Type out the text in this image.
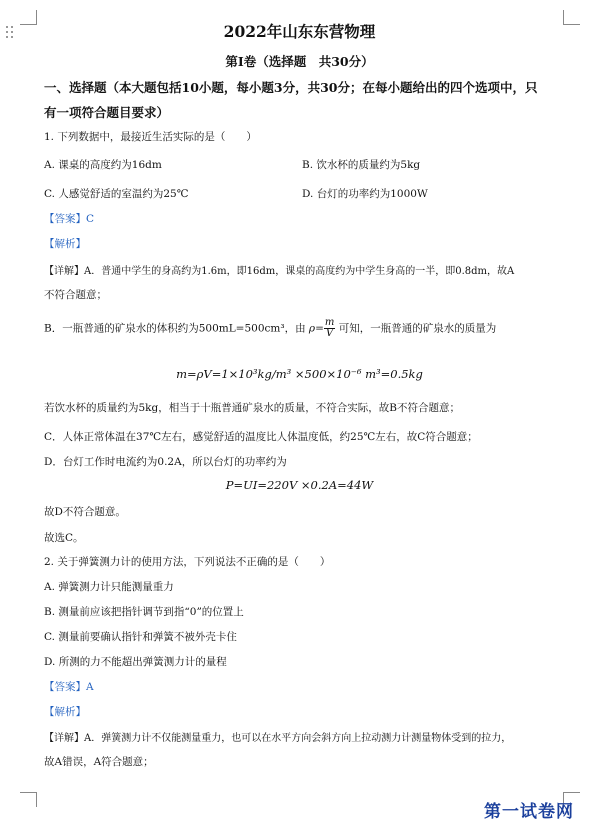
2022年山东东营物理
第Ⅰ卷（选择题　共30分）
一、选择题（本大题包括10小题，每小题3分，共30分；在每小题给出的四个选项中，只
有一项符合题目要求）
1. 下列数据中，最接近生活实际的是（　　）
A. 课桌的高度约为16dm	B. 饮水杯的质量约为5kg
C. 人感觉舒适的室温约为25℃	D. 台灯的功率约为1000W
【答案】C
【解析】
【详解】A．普通中学生的身高约为1.6m，即16dm，课桌的高度约为中学生身高的一半，即0.8dm，故A
不符合题意；
B．一瓶普通的矿泉水的体积约为500mL=500cm³，由 $\rho= \frac{m}{V}$ 可知，一瓶普通的矿泉水的质量为
m=ρV=1×10³kg/m³ ×500×10⁻⁶ m³=0.5kg
若饮水杯的质量约为5kg，相当于十瓶普通矿泉水的质量，不符合实际，故B不符合题意；
C．人体正常体温在37℃左右，感觉舒适的温度比人体温度低，约25℃左右，故C符合题意；
D．台灯工作时电流约为0.2A，所以台灯的功率约为
P=UI=220V ×0.2A=44W
故D不符合题意。
故选C。
2. 关于弹簧测力计的使用方法，下列说法不正确的是（　　）
A. 弹簧测力计只能测量重力
B. 测量前应该把指针调节到指“0”的位置上
C. 测量前要确认指针和弹簧不被外壳卡住
D. 所测的力不能超出弹簧测力计的量程
【答案】A
【解析】
【详解】A．弹簧测力计不仅能测量重力，也可以在水平方向会斜方向上拉动测力计测量物体受到的拉力，
故A错误，A符合题意；
第一试卷网
